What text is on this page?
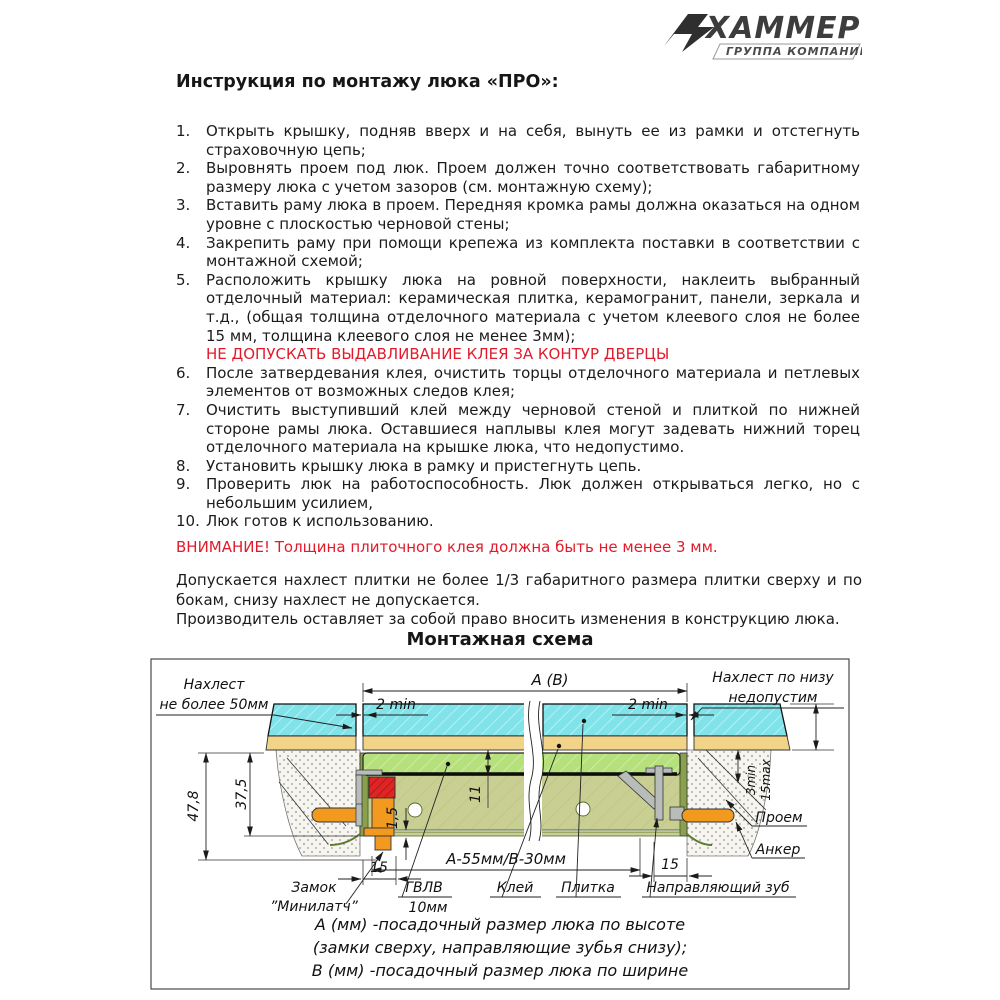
ХАММЕР
ГРУППА КОМПАНИЙ
Инструкция по монтажу люка «ПРО»:
1.	Открыть крышку, подняв вверх и на себя, вынуть ее из рамки и отстегнуть страховочную цепь;
2.	Выровнять проем под люк. Проем должен точно соответствовать габаритному размеру люка с учетом зазоров (см. монтажную схему);
3.	Вставить раму люка в проем. Передняя кромка рамы должна оказаться на одном уровне с плоскостью черновой стены;
4.	Закрепить раму при помощи крепежа из комплекта поставки в соответствии с монтажной схемой;
5.	Расположить крышку люка на ровной поверхности, наклеить выбранный отделочный материал: керамическая плитка, керамогранит, панели, зеркала и т.д., (общая толщина отделочного материала с учетом клеевого слоя не более 15 мм, толщина клеевого слоя не менее 3мм);
НЕ ДОПУСКАТЬ ВЫДАВЛИВАНИЕ КЛЕЯ ЗА КОНТУР ДВЕРЦЫ
6.	После затвердевания клея, очистить торцы отделочного материала и петлевых элементов от возможных следов клея;
7.	Очистить выступивший клей между черновой стеной и плиткой по нижней стороне рамы люка. Оставшиеся наплывы клея могут задевать нижний торец отделочного материала на крышке люка, что недопустимо.
8.	Установить крышку люка в рамку и пристегнуть цепь.
9.	Проверить люк на работоспособность. Люк должен открываться легко, но с небольшим усилием,
10. Люк готов к использованию.
ВНИМАНИЕ! Толщина плиточного клея должна быть не менее 3 мм.
Допускается нахлест плитки не более 1/3 габаритного размера плитки сверху и по бокам, снизу нахлест не допускается.
Производитель оставляет за собой право вносить изменения в конструкцию люка.
Монтажная схема
A (B)
2 min	2 min
Нахлест
не более 50мм
Нахлест по низу
недопустим
47,8 37,5
1,5
11	3min 15max
Проем
Анкер
15	15
А-55мм/В-30мм
Замок
”Минилатч”
ГВЛВ
10мм
Клей Плитка Направляющий зуб
А (мм) -посадочный размер люка по высоте
(замки сверху, направляющие зубья снизу);
В (мм) -посадочный размер люка по ширине
